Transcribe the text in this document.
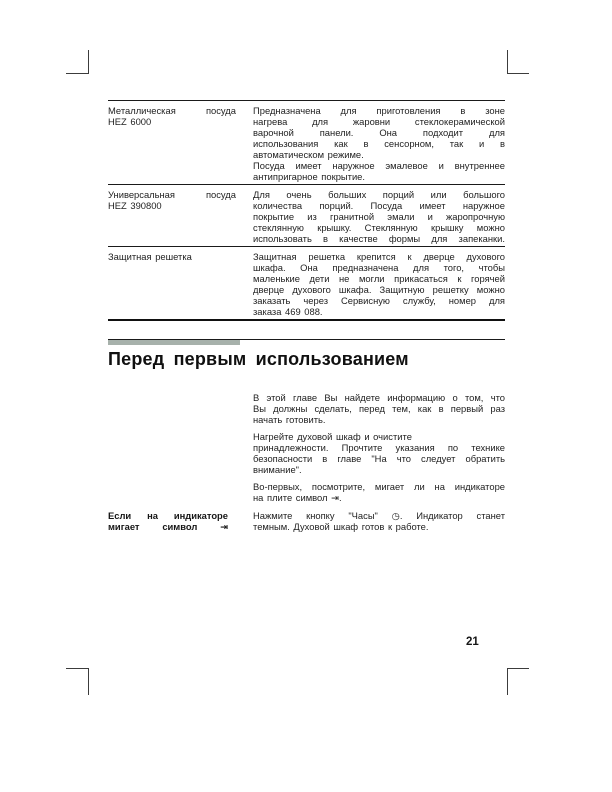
Металлическая посуда
HEZ 6000
Предназначена для приготовления в зоне
нагрева для жаровни стеклокерамической
варочной панели. Она подходит для
использования как в сенсорном, так и в
автоматическом режиме.
Посуда имеет наружное эмалевое и внутреннее
антипригарное покрытие.
Универсальная посуда
HEZ 390800
Для очень больших порций или большого
количества порций. Посуда имеет наружное
покрытие из гранитной эмали и жаропрочную
стеклянную крышку. Стеклянную крышку можно
использовать в качестве формы для запеканки.
Защитная решетка	Защитная решетка крепится к дверце духового
шкафа. Она предназначена для того, чтобы
маленькие дети не могли прикасаться к горячей
дверце духового шкафа. Защитную решетку можно
заказать через Сервисную службу, номер для
заказа 469 088.
Перед первым использованием
В этой главе Вы найдете информацию о том, что
Вы должны сделать, перед тем, как в первый раз
начать готовить.
Нагрейте духовой шкаф и очистите
принадлежности. Прочтите указания по технике
безопасности в главе "На что следует обратить
внимание".
Во-первых, посмотрите, мигает ли на индикаторе
на плите символ ⇥.
Если на индикаторе
мигает символ ⇥
Нажмите кнопку "Часы" ◷. Индикатор станет
темным. Духовой шкаф готов к работе.
21
